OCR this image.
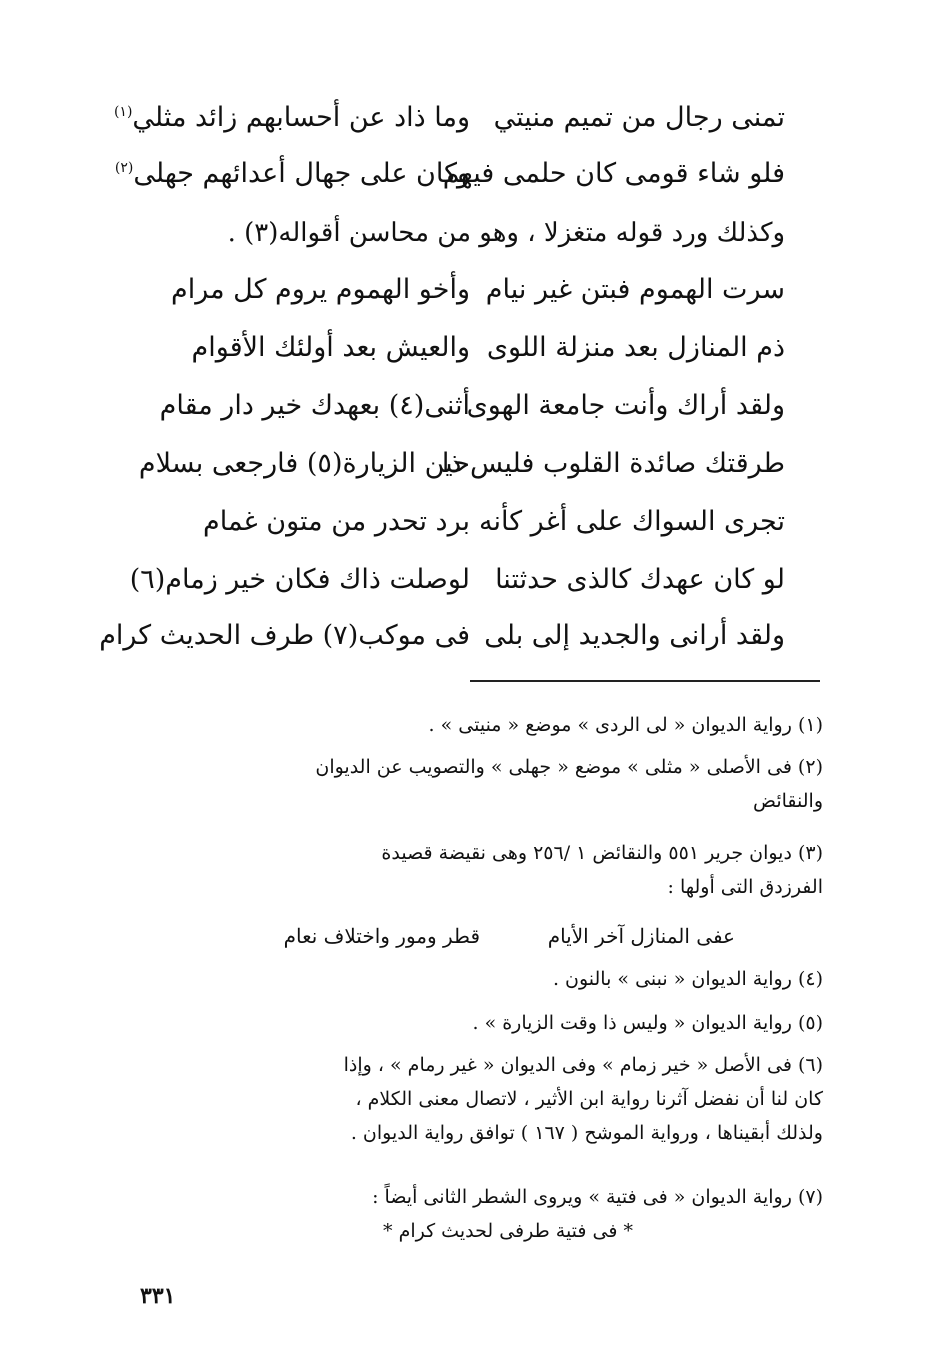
تمنى رجال من تميم منيتي
وما ذاد عن أحسابهم زائد مثلي$^{(١)}$
فلو شاء قومى كان حلمى فيهم
وكان على جهال أعدائهم جهلى$^{(٢)}$
وكذلك ورد قوله متغزلا ، وهو من محاسن أقواله(٣) .
سرت الهموم فبتن غير نيام
وأخو الهموم يروم كل مرام
ذم المنازل بعد منزلة اللوى
والعيش بعد أولئك الأقوام
ولقد أراك وأنت جامعة الهوى
أثنى(٤) بعهدك خير دار مقام
طرقتك صائدة القلوب فليس ذا
حين الزيارة(٥) فارجعى بسلام
تجرى السواك على أغر كأنه
برد تحدر من متون غمام
لو كان عهدك كالذى حدثتنا
لوصلت ذاك فكان خير زمام(٦)
ولقد أرانى والجديد إلى بلى
فى موكب(٧) طرف الحديث كرام
(١) رواية الديوان « لى الردى » موضع « منيتى » .
(٢) فى الأصلى « مثلى » موضع « جهلى » والتصويب عن الديوان
والنقائض
(٣) ديوان جرير ٥٥١ والنقائض ١ /٢٥٦ وهى نقيضة قصيدة
الفرزدق التى أولها :
عفى المنازل آخر الأيام
قطر ومور واختلاف نعام
(٤) رواية الديوان « نبنى » بالنون .
(٥) رواية الديوان « وليس ذا وقت الزيارة » .
(٦) فى الأصل « خير زمام » وفى الديوان « غير رمام » ، وإذا
كان لنا أن نفضل آثرنا رواية ابن الأثير ، لاتصال معنى الكلام ،
ولذلك أبقيناها ، ورواية الموشح ( ١٦٧ ) توافق رواية الديوان .
(٧) رواية الديوان « فى فتية » ويروى الشطر الثانى أيضاً :
* فى فتية طرفى لحديث كرام *
٣٣١
